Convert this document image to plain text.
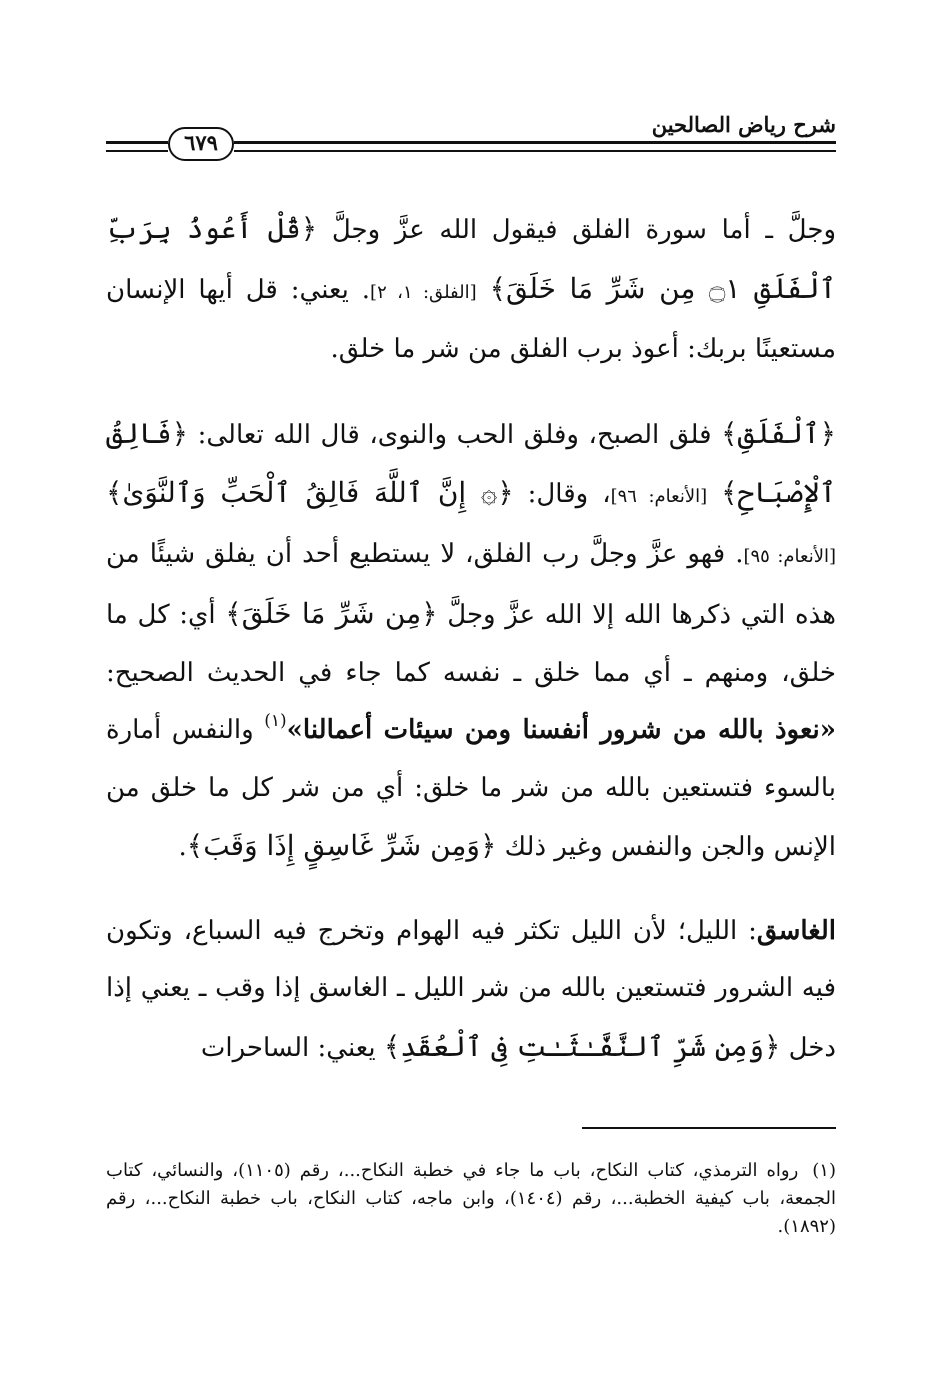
شرح رياض الصالحين
٦٧٩

وجلَّ ـ أما سورة الفلق فيقول الله عزَّ وجلَّ ﴿قُلْ أَعُوذُ بِرَبِّ ٱلْفَلَقِ ۝١ مِن شَرِّ مَا خَلَقَ﴾ [الفلق: ١، ٢]. يعني: قل أيها الإنسان مستعينًا بربك: أعوذ برب الفلق من شر ما خلق.

﴿ٱلْفَلَقِ﴾ فلق الصبح، وفلق الحب والنوى، قال الله تعالى: ﴿فَالِقُ ٱلْإِصْبَاحِ﴾ [الأنعام: ٩٦]، وقال: ﴿۞ إِنَّ ٱللَّهَ فَالِقُ ٱلْحَبِّ وَٱلنَّوَىٰ﴾ [الأنعام: ٩٥]. فهو عزَّ وجلَّ رب الفلق، لا يستطيع أحد أن يفلق شيئًا من هذه التي ذكرها الله إلا الله عزَّ وجلَّ ﴿مِن شَرِّ مَا خَلَقَ﴾ أي: كل ما خلق، ومنهم ـ أي مما خلق ـ نفسه كما جاء في الحديث الصحيح: «نعوذ بالله من شرور أنفسنا ومن سيئات أعمالنا»$^{(١)}$ والنفس أمارة بالسوء فتستعين بالله من شر ما خلق: أي من شر كل ما خلق من الإنس والجن والنفس وغير ذلك ﴿وَمِن شَرِّ غَاسِقٍ إِذَا وَقَبَ﴾.

الغاسق: الليل؛ لأن الليل تكثر فيه الهوام وتخرج فيه السباع، وتكون فيه الشرور فتستعين بالله من شر الليل ـ الغاسق إذا وقب ـ يعني إذا دخل ﴿وَمِن شَرِّ ٱلنَّفَّـٰثَـٰتِ فِى ٱلْعُقَدِ﴾ يعني: الساحرات

(١)رواه الترمذي، كتاب النكاح، باب ما جاء في خطبة النكاح...، رقم (١١٠٥)، والنسائي، كتاب الجمعة، باب كيفية الخطبة...، رقم (١٤٠٤)، وابن ماجه، كتاب النكاح، باب خطبة النكاح...، رقم (١٨٩٢).
